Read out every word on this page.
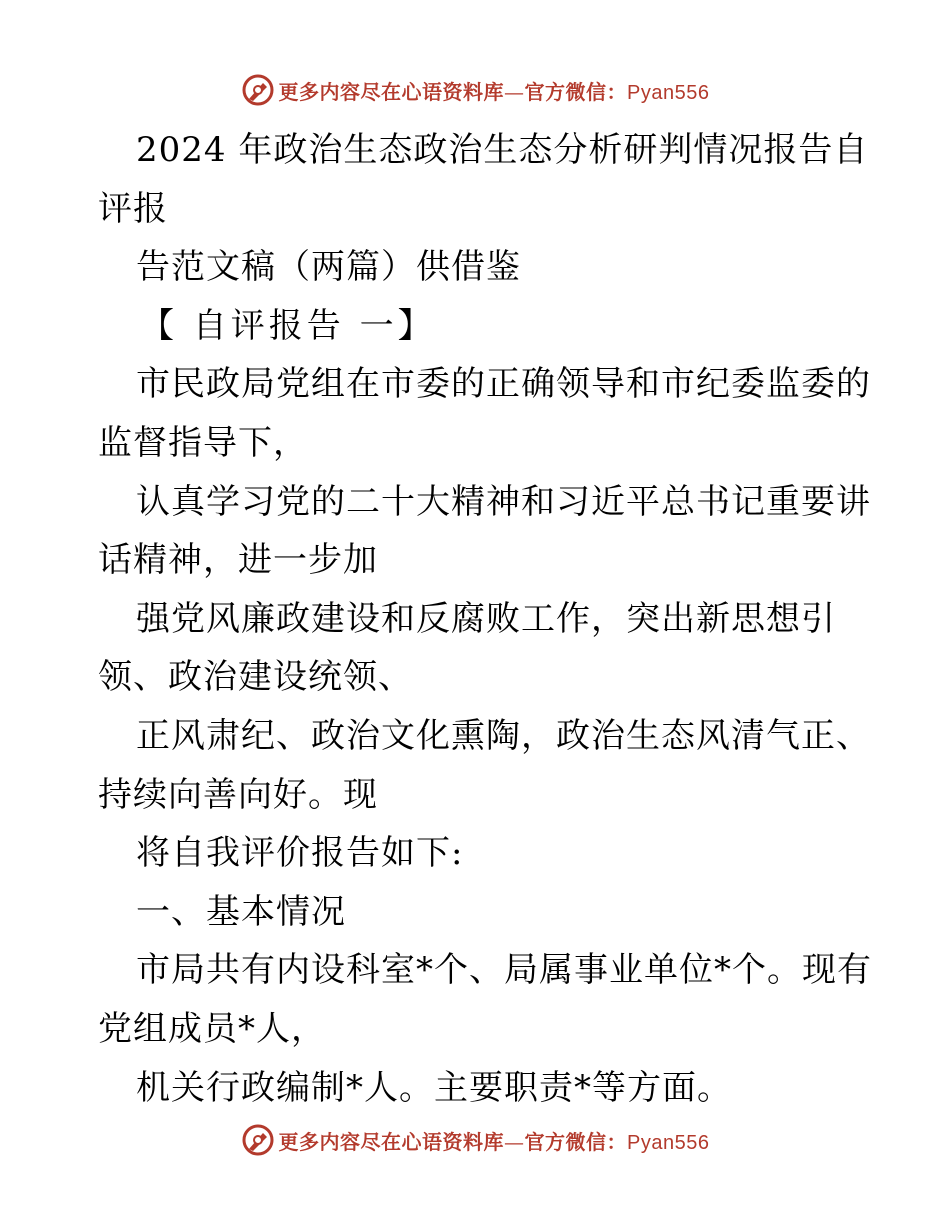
更多内容尽在心语资料库—官方微信：Pyan556
2024 年政治生态政治生态分析研判情况报告自
评报
告范文稿（两篇）供借鉴
【 自评报告 一】
市民政局党组在市委的正确领导和市纪委监委的
监督指导下，
认真学习党的二十大精神和习近平总书记重要讲
话精神，进一步加
强党风廉政建设和反腐败工作，突出新思想引
领、政治建设统领、
正风肃纪、政治文化熏陶，政治生态风清气正、
持续向善向好。现
将自我评价报告如下:
一、基本情况
市局共有内设科室*个、局属事业单位*个。现有
党组成员*人，
机关行政编制*人。主要职责*等方面。
更多内容尽在心语资料库—官方微信：Pyan556
